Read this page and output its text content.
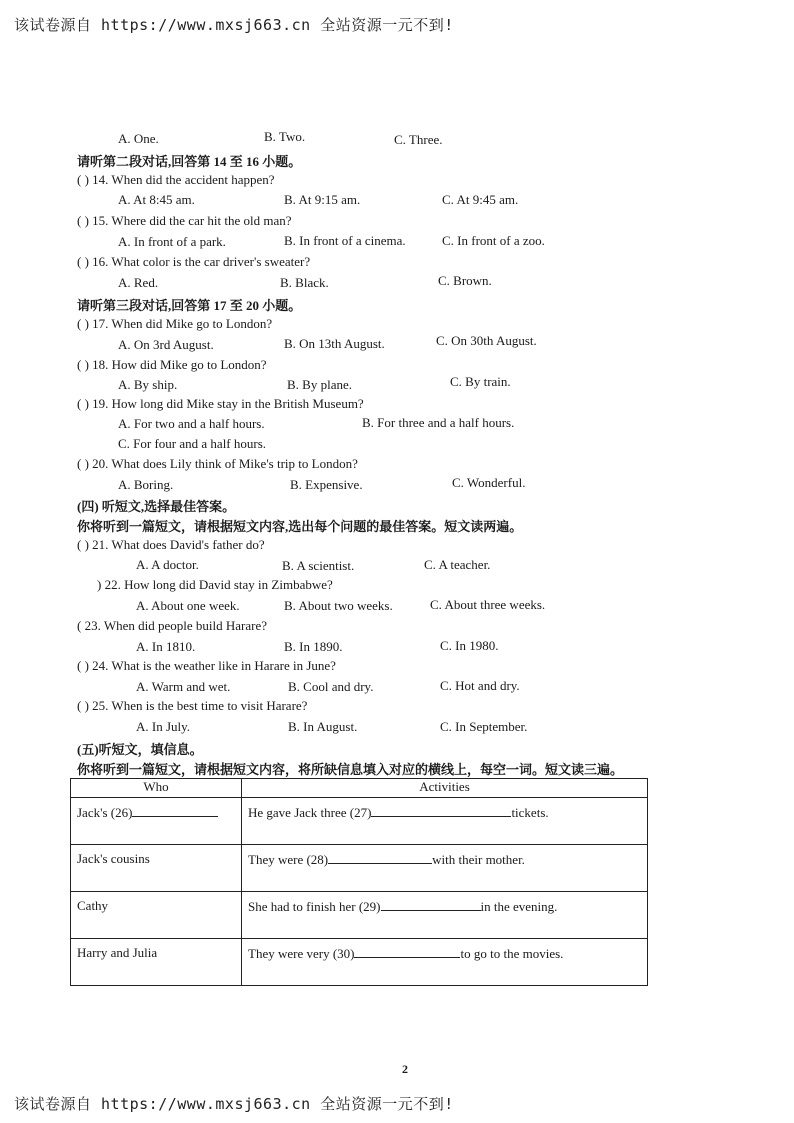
该试卷源自 https://www.mxsj663.cn 全站资源一元不到!
A. One.	B. Two.	C. Three.
请听第二段对话,回答第 14 至 16 小题。
( ) 14. When did the accident happen?
A. At 8:45 am.	B. At 9:15 am.	C. At 9:45 am.
( ) 15. Where did the car hit the old man?
A. In front of a park.	B. In front of a cinema.	C. In front of a zoo.
( ) 16. What color is the car driver's sweater?
A. Red.	B. Black.	C. Brown.
请听第三段对话,回答第 17 至 20 小题。
( ) 17. When did Mike go to London?
A. On 3rd August.	B. On 13th August.	C. On 30th August.
( ) 18. How did Mike go to London?
A. By ship.	B. By plane.	C. By train.
( ) 19. How long did Mike stay in the British Museum?
A. For two and a half hours.	B. For three and a half hours.
C. For four and a half hours.
( ) 20. What does Lily think of Mike's trip to London?
A. Boring.	B. Expensive.	C. Wonderful.
(四) 听短文,选择最佳答案。
你将听到一篇短文，请根据短文内容,选出每个问题的最佳答案。短文读两遍。
( ) 21. What does David's father do?
A. A doctor.	B. A scientist.	C. A teacher.
) 22. How long did David stay in Zimbabwe?
A. About one week.	B. About two weeks.	C. About three weeks.
( 23. When did people build Harare?
A. In 1810.	B. In 1890.	C. In 1980.
( ) 24. What is the weather like in Harare in June?
A. Warm and wet.	B. Cool and dry.	C. Hot and dry.
( ) 25. When is the best time to visit Harare?
A. In July.	B. In August.	C. In September.
(五)听短文，填信息。
你将听到一篇短文，请根据短文内容，将所缺信息填入对应的横线上，每空一词。短文读三遍。
Who	Activities
Jack's (26)	He gave Jack three (27) tickets.
Jack's cousins	They were (28) with their mother.
Cathy	She had to finish her (29) in the evening.
Harry and Julia	They were very (30) to go to the movies.
2
该试卷源自 https://www.mxsj663.cn 全站资源一元不到!
